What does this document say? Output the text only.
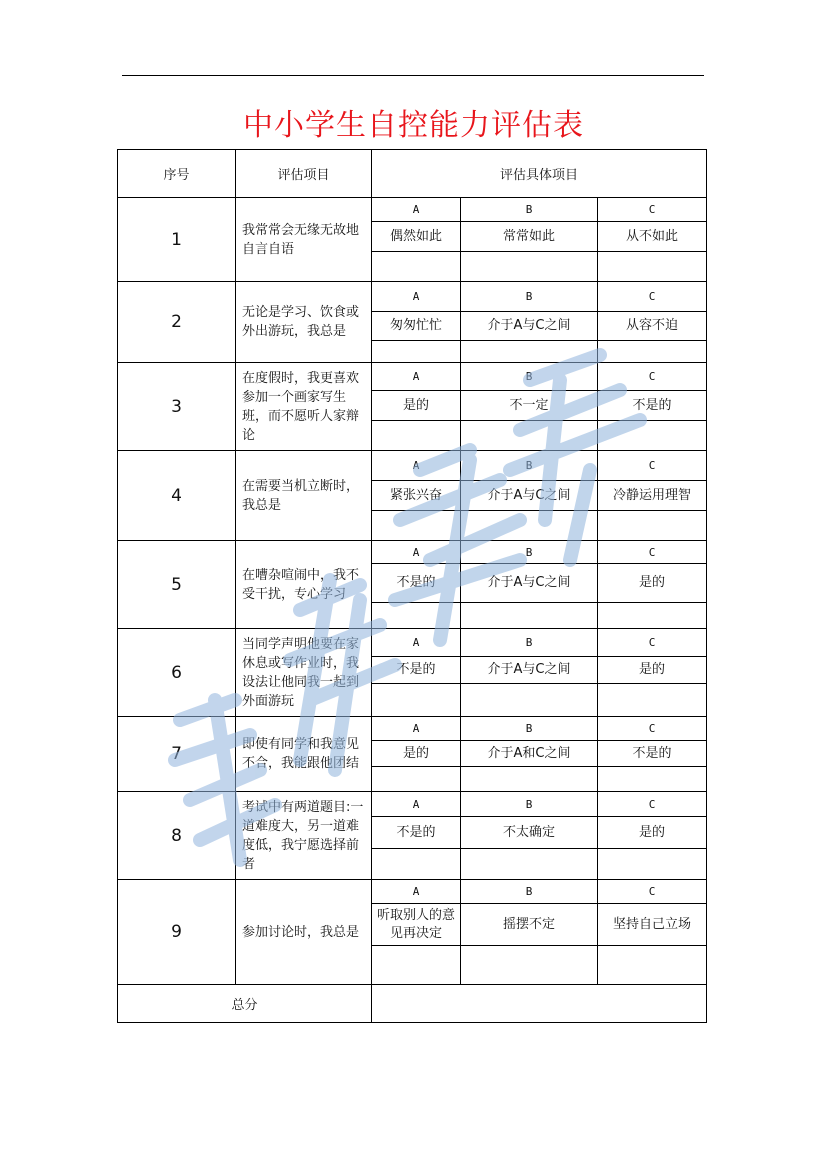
中小学生自控能力评估表
序号	评估项目	评估具体项目		
1	我常常会无缘无故地自言自语	A	B	C
		偶然如此	常常如此	从不如此

2	无论是学习、饮食或外出游玩，我总是	A	B	C
		匆匆忙忙	介于A与C之间	从容不迫

3	在度假时，我更喜欢参加一个画家写生班，而不愿听人家辩论	A	B	C
		是的	不一定	不是的

4	在需要当机立断时，我总是	A	B	C
		紧张兴奋	介于A与C之间	冷静运用理智

5	在嘈杂喧闹中，我不受干扰，专心学习	A	B	C
		不是的	介于A与C之间	是的

6	当同学声明他要在家休息或写作业时，我设法让他同我一起到外面游玩	A	B	C
		不是的	介于A与C之间	是的

7	即使有同学和我意见不合，我能跟他团结	A	B	C
		是的	介于A和C之间	不是的

8	考试中有两道题目:一道难度大，另一道难度低，我宁愿选择前者	A	B	C
		不是的	不太确定	是的

9	参加讨论时，我总是	A	B	C
		听取别人的意见再决定	摇摆不定	坚持自己立场

总分				
